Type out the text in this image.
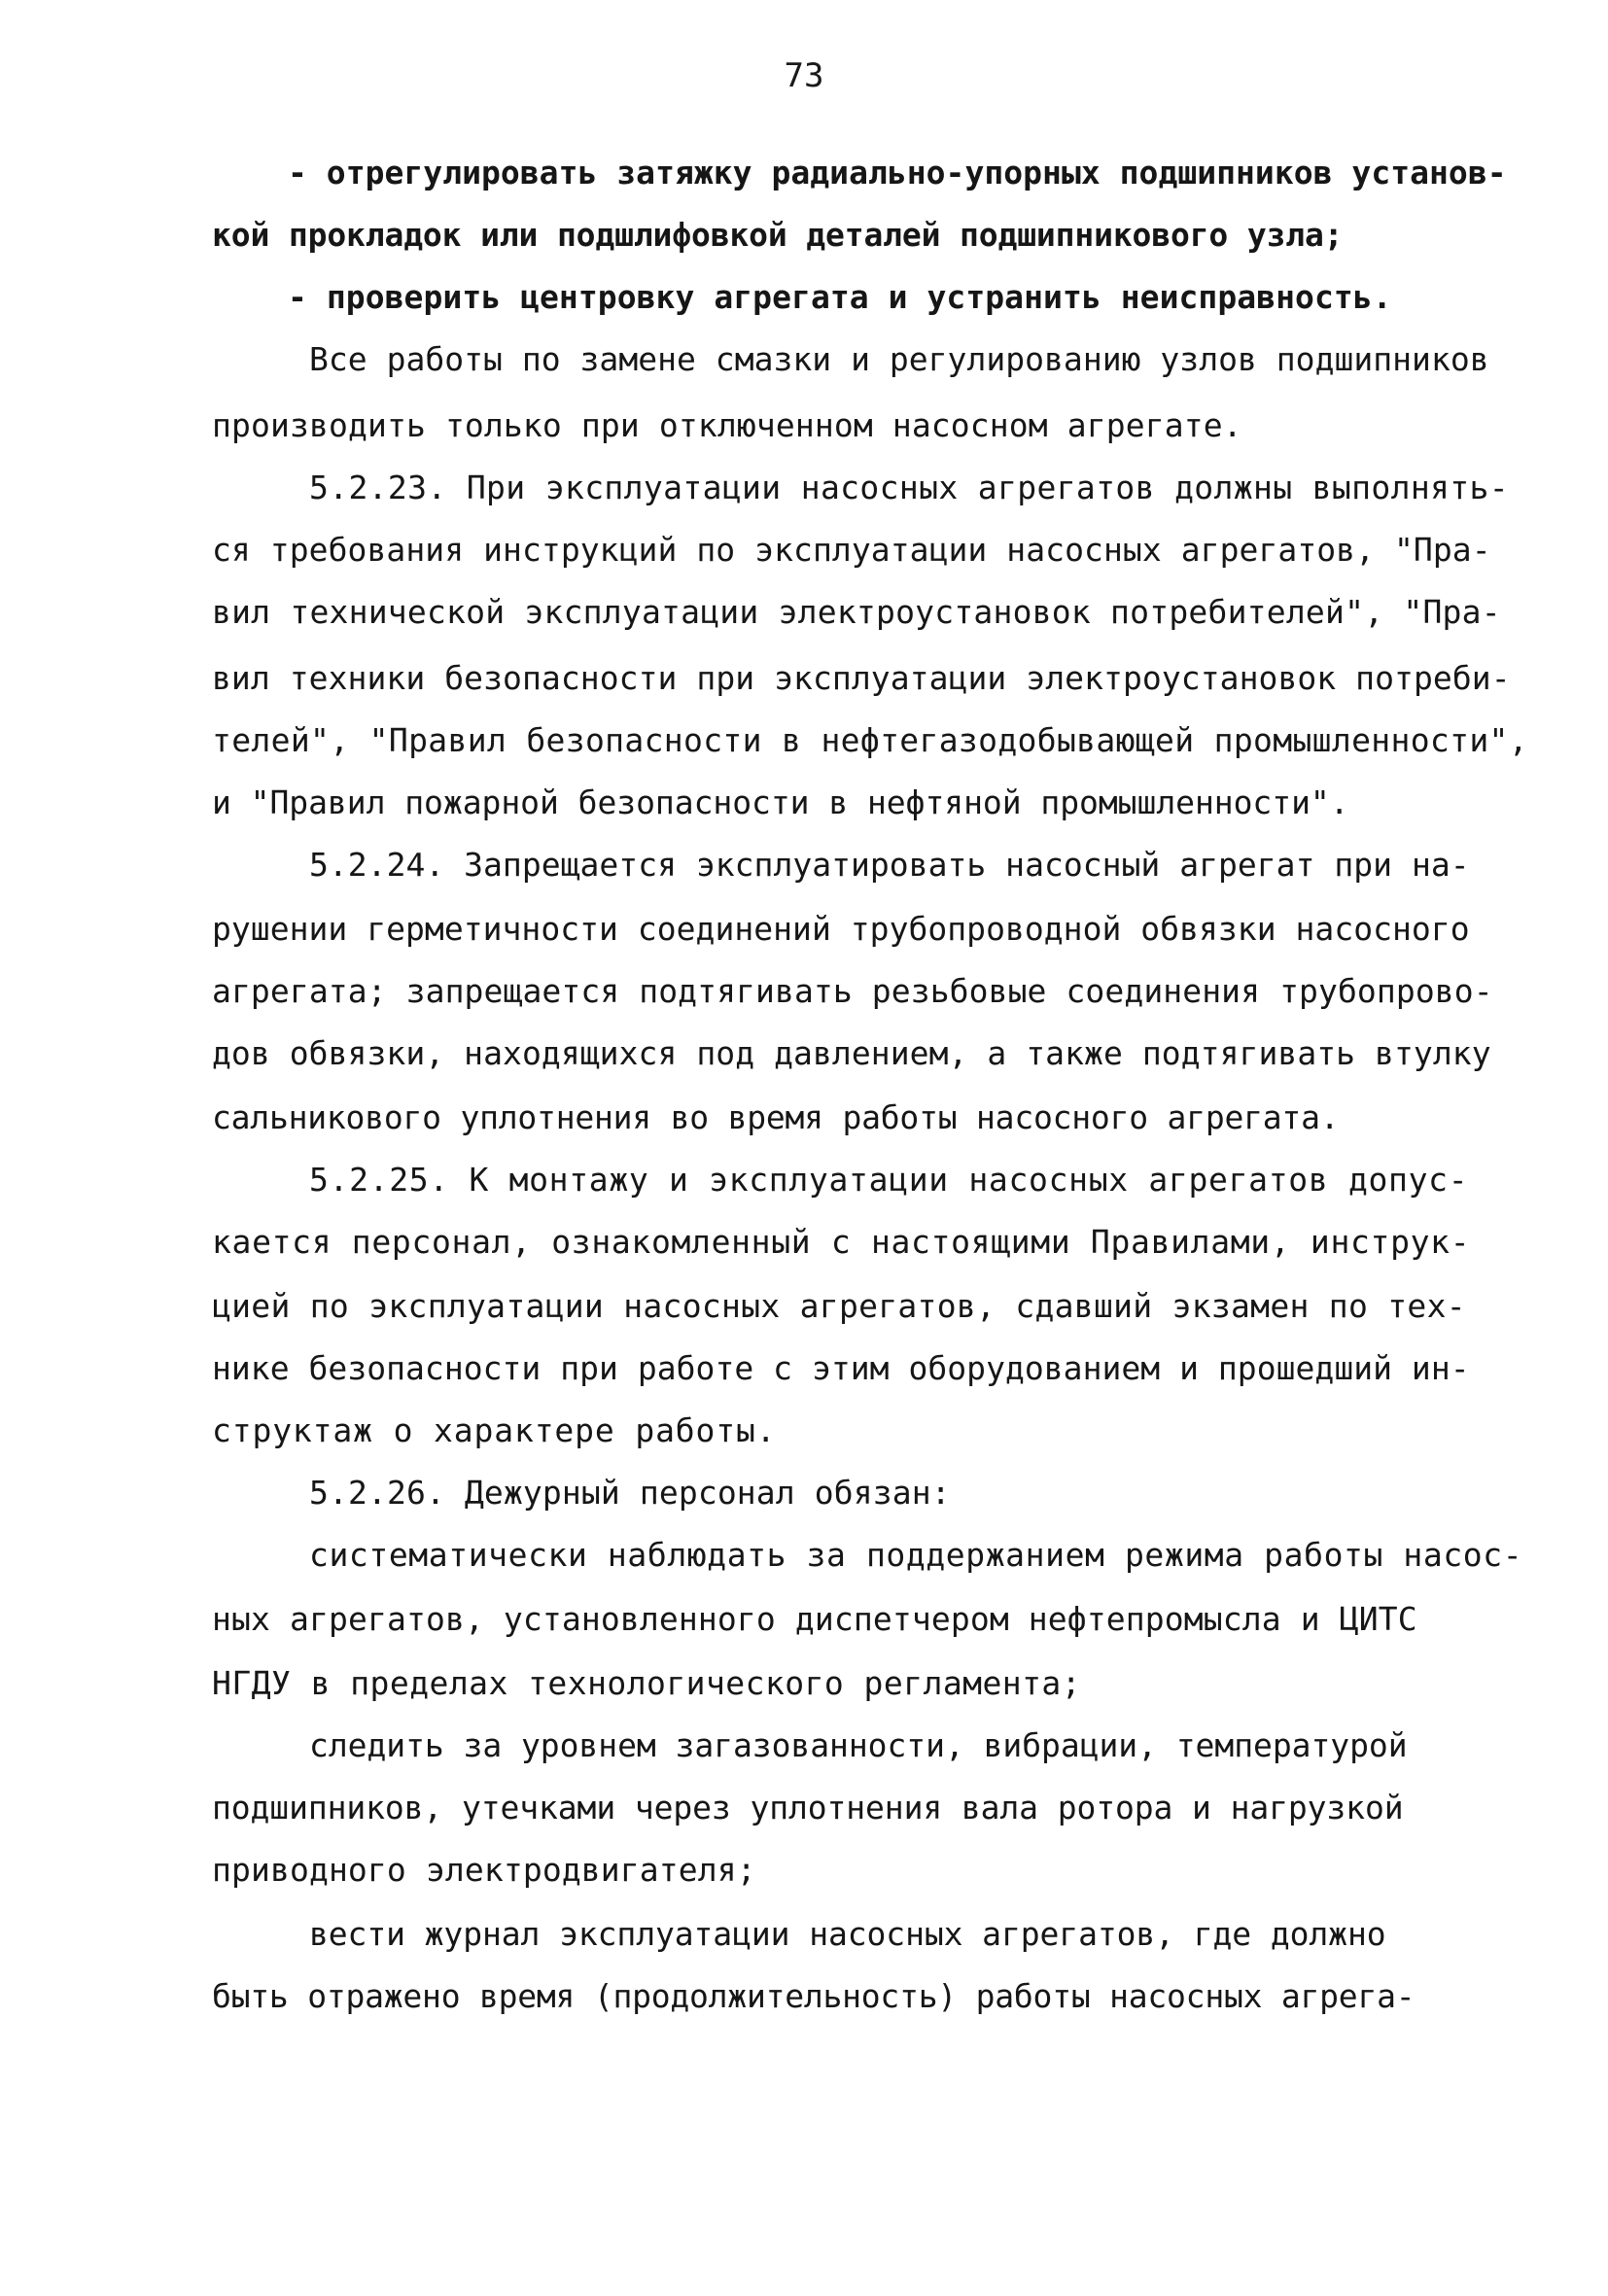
73

- отрегулировать затяжку радиально-упорных подшипников установ-

кой прокладок или подшлифовкой деталей подшипникового узла;

- проверить центровку агрегата и устранить неисправность.

Все работы по замене смазки и регулированию узлов подшипников

производить только при отключенном насосном агрегате.

5.2.23. При эксплуатации насосных агрегатов должны выполнять-

ся требования инструкций по эксплуатации насосных агрегатов, "Пра-

вил технической эксплуатации электроустановок потребителей", "Пра-

вил техники безопасности при эксплуатации электроустановок потреби-

телей", "Правил безопасности в нефтегазодобывающей промышленности",

и "Правил пожарной безопасности в нефтяной промышленности".

5.2.24. Запрещается эксплуатировать насосный агрегат при на-

рушении герметичности соединений трубопроводной обвязки насосного

агрегата; запрещается подтягивать резьбовые соединения трубопрово-

дов обвязки, находящихся под давлением, а также подтягивать втулку

сальникового уплотнения во время работы насосного агрегата.

5.2.25. К монтажу и эксплуатации насосных агрегатов допус-

кается персонал, ознакомленный с настоящими Правилами, инструк-

цией по эксплуатации насосных агрегатов, сдавший экзамен по тех-

нике безопасности при работе с этим оборудованием и прошедший ин-

структаж о характере работы.

5.2.26. Дежурный персонал обязан:

систематически наблюдать за поддержанием режима работы насос-

ных агрегатов, установленного диспетчером нефтепромысла и ЦИТС

НГДУ в пределах технологического регламента;

следить за уровнем загазованности, вибрации, температурой

подшипников, утечками через уплотнения вала ротора и нагрузкой

приводного электродвигателя;

вести журнал эксплуатации насосных агрегатов, где должно

быть отражено время (продолжительность) работы насосных агрега-
